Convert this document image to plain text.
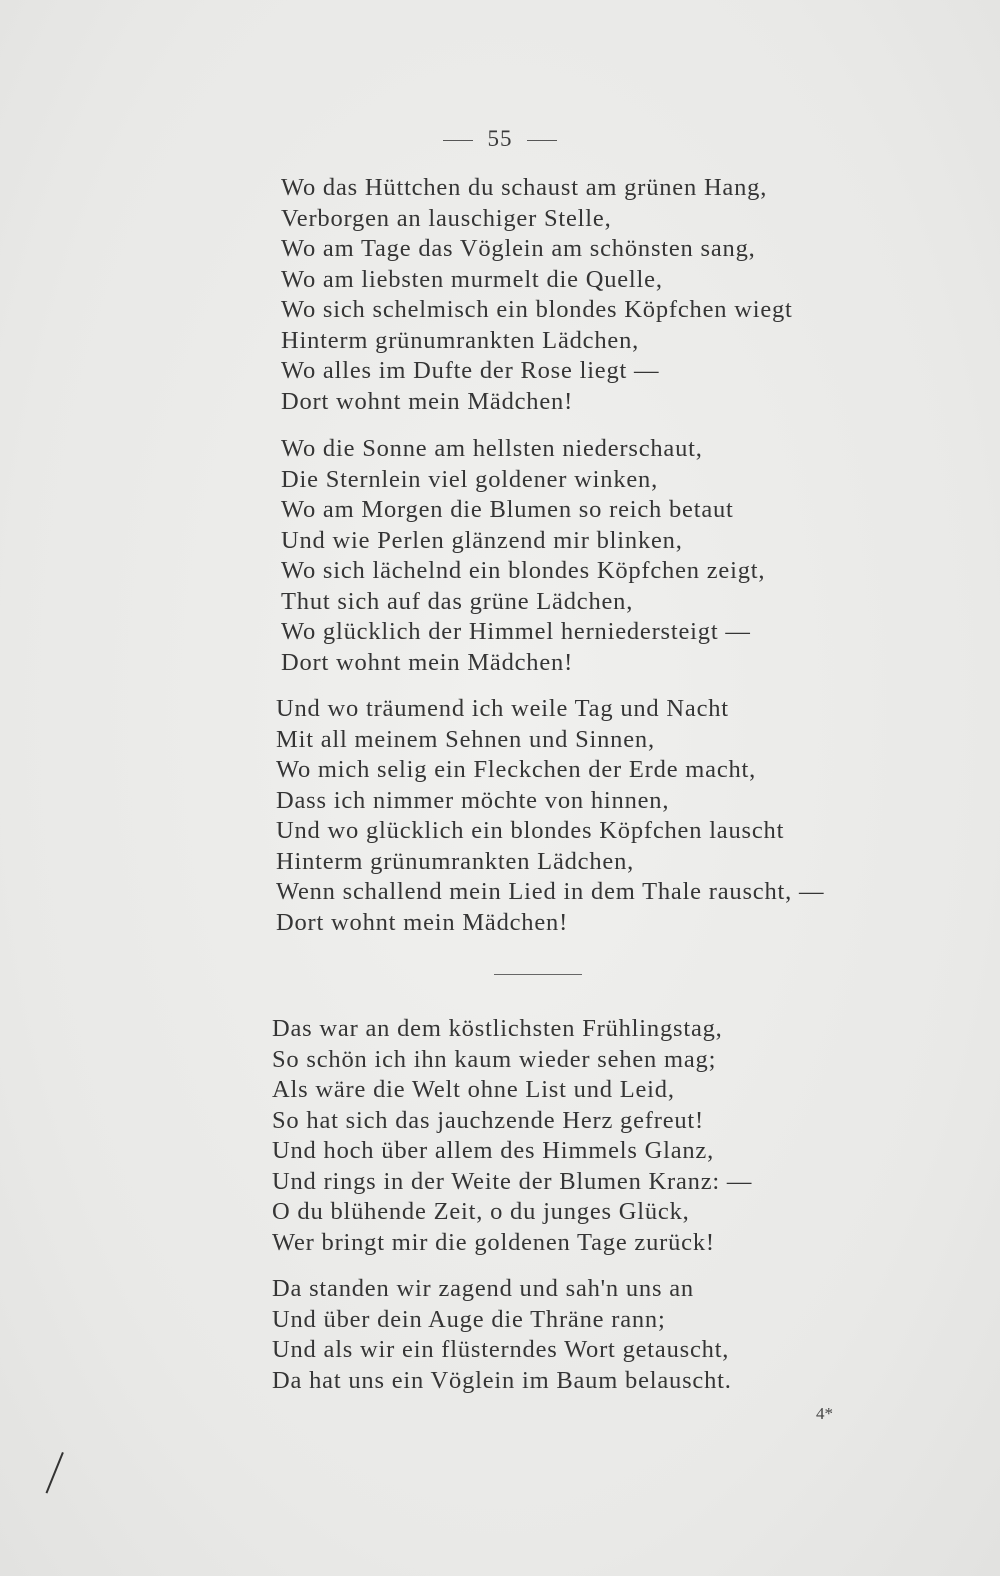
55

Wo das Hüttchen du schaust am grünen Hang,

Verborgen an lauschiger Stelle,

Wo am Tage das Vöglein am schönsten sang,

Wo am liebsten murmelt die Quelle,

Wo sich schelmisch ein blondes Köpfchen wiegt

Hinterm grünumrankten Lädchen,

Wo alles im Dufte der Rose liegt —

Dort wohnt mein Mädchen!

Wo die Sonne am hellsten niederschaut,

Die Sternlein viel goldener winken,

Wo am Morgen die Blumen so reich betaut

Und wie Perlen glänzend mir blinken,

Wo sich lächelnd ein blondes Köpfchen zeigt,

Thut sich auf das grüne Lädchen,

Wo glücklich der Himmel herniedersteigt —

Dort wohnt mein Mädchen!

Und wo träumend ich weile Tag und Nacht

Mit all meinem Sehnen und Sinnen,

Wo mich selig ein Fleckchen der Erde macht,

Dass ich nimmer möchte von hinnen,

Und wo glücklich ein blondes Köpfchen lauscht

Hinterm grünumrankten Lädchen,

Wenn schallend mein Lied in dem Thale rauscht, —

Dort wohnt mein Mädchen!

Das war an dem köstlichsten Frühlingstag,

So schön ich ihn kaum wieder sehen mag;

Als wäre die Welt ohne List und Leid,

So hat sich das jauchzende Herz gefreut!

Und hoch über allem des Himmels Glanz,

Und rings in der Weite der Blumen Kranz: —

O du blühende Zeit, o du junges Glück,

Wer bringt mir die goldenen Tage zurück!

Da standen wir zagend und sah'n uns an

Und über dein Auge die Thräne rann;

Und als wir ein flüsterndes Wort getauscht,

Da hat uns ein Vöglein im Baum belauscht.

4*
